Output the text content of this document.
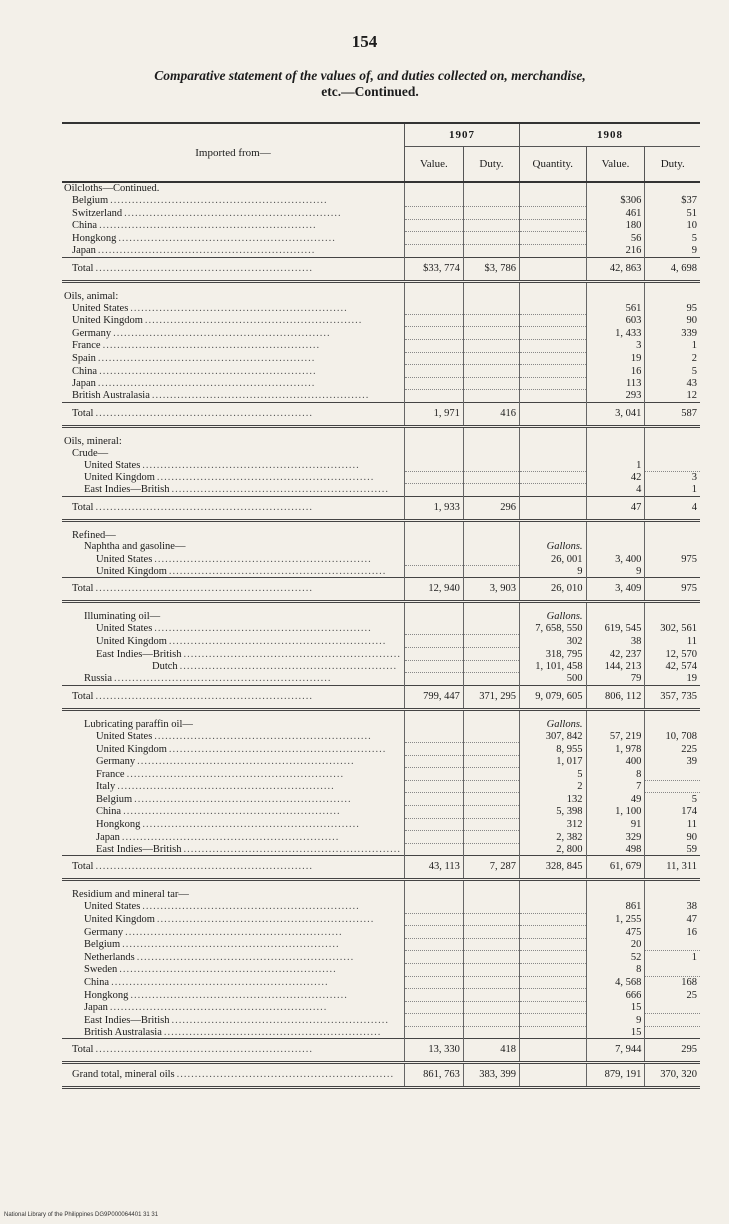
154
Comparative statement of the values of, and duties collected on, merchandise,
etc.—Continued.
Imported from—	1907		1908		
	Value.	Duty.	Quantity.	Value.	Duty.
Oilcloths—Continued.					
Belgium ............................................................				$306	$37
Switzerland ............................................................				461	51
China ............................................................				180	10
Hongkong ............................................................				56	5
Japan ............................................................				216	9
Total ............................................................	$33, 774	$3, 786		42, 863	4, 698

Oils, animal:					
United States ............................................................				561	95
United Kingdom ............................................................				603	90
Germany ............................................................				1, 433	339
France ............................................................				3	1
Spain ............................................................				19	2
China ............................................................				16	5
Japan ............................................................				113	43
British Australasia ............................................................				293	12
Total ............................................................	1, 971	416		3, 041	587

Oils, mineral:					
Crude—					
United States ............................................................				1	
United Kingdom ............................................................				42	3
East Indies—British ............................................................				4	1
Total ............................................................	1, 933	296		47	4

Refined—					
Naphtha and gasoline—			Gallons.		
United States ............................................................			26, 001	3, 400	975
United Kingdom ............................................................			9	9	
Total ............................................................	12, 940	3, 903	26, 010	3, 409	975

Illuminating oil—			Gallons.		
United States ............................................................			7, 658, 550	619, 545	302, 561
United Kingdom ............................................................			302	38	11
East Indies—British ............................................................			318, 795	42, 237	12, 570
Dutch ............................................................			1, 101, 458	144, 213	42, 574
Russia ............................................................			500	79	19
Total ............................................................	799, 447	371, 295	9, 079, 605	806, 112	357, 735

Lubricating paraffin oil—			Gallons.		
United States ............................................................			307, 842	57, 219	10, 708
United Kingdom ............................................................			8, 955	1, 978	225
Germany ............................................................			1, 017	400	39
France ............................................................			5	8	
Italy ............................................................			2	7	
Belgium ............................................................			132	49	5
China ............................................................			5, 398	1, 100	174
Hongkong ............................................................			312	91	11
Japan ............................................................			2, 382	329	90
East Indies—British ............................................................			2, 800	498	59
Total ............................................................	43, 113	7, 287	328, 845	61, 679	11, 311

Residium and mineral tar—					
United States ............................................................				861	38
United Kingdom ............................................................				1, 255	47
Germany ............................................................				475	16
Belgium ............................................................				20	
Netherlands ............................................................				52	1
Sweden ............................................................				8	
China ............................................................				4, 568	168
Hongkong ............................................................				666	25
Japan ............................................................				15	
East Indies—British ............................................................				9	
British Australasia ............................................................				15	
Total ............................................................	13, 330	418		7, 944	295
Grand total, mineral oils ............................................................	861, 763	383, 399		879, 191	370, 320
National Library of the Philippines DG9P000064401 31 31
